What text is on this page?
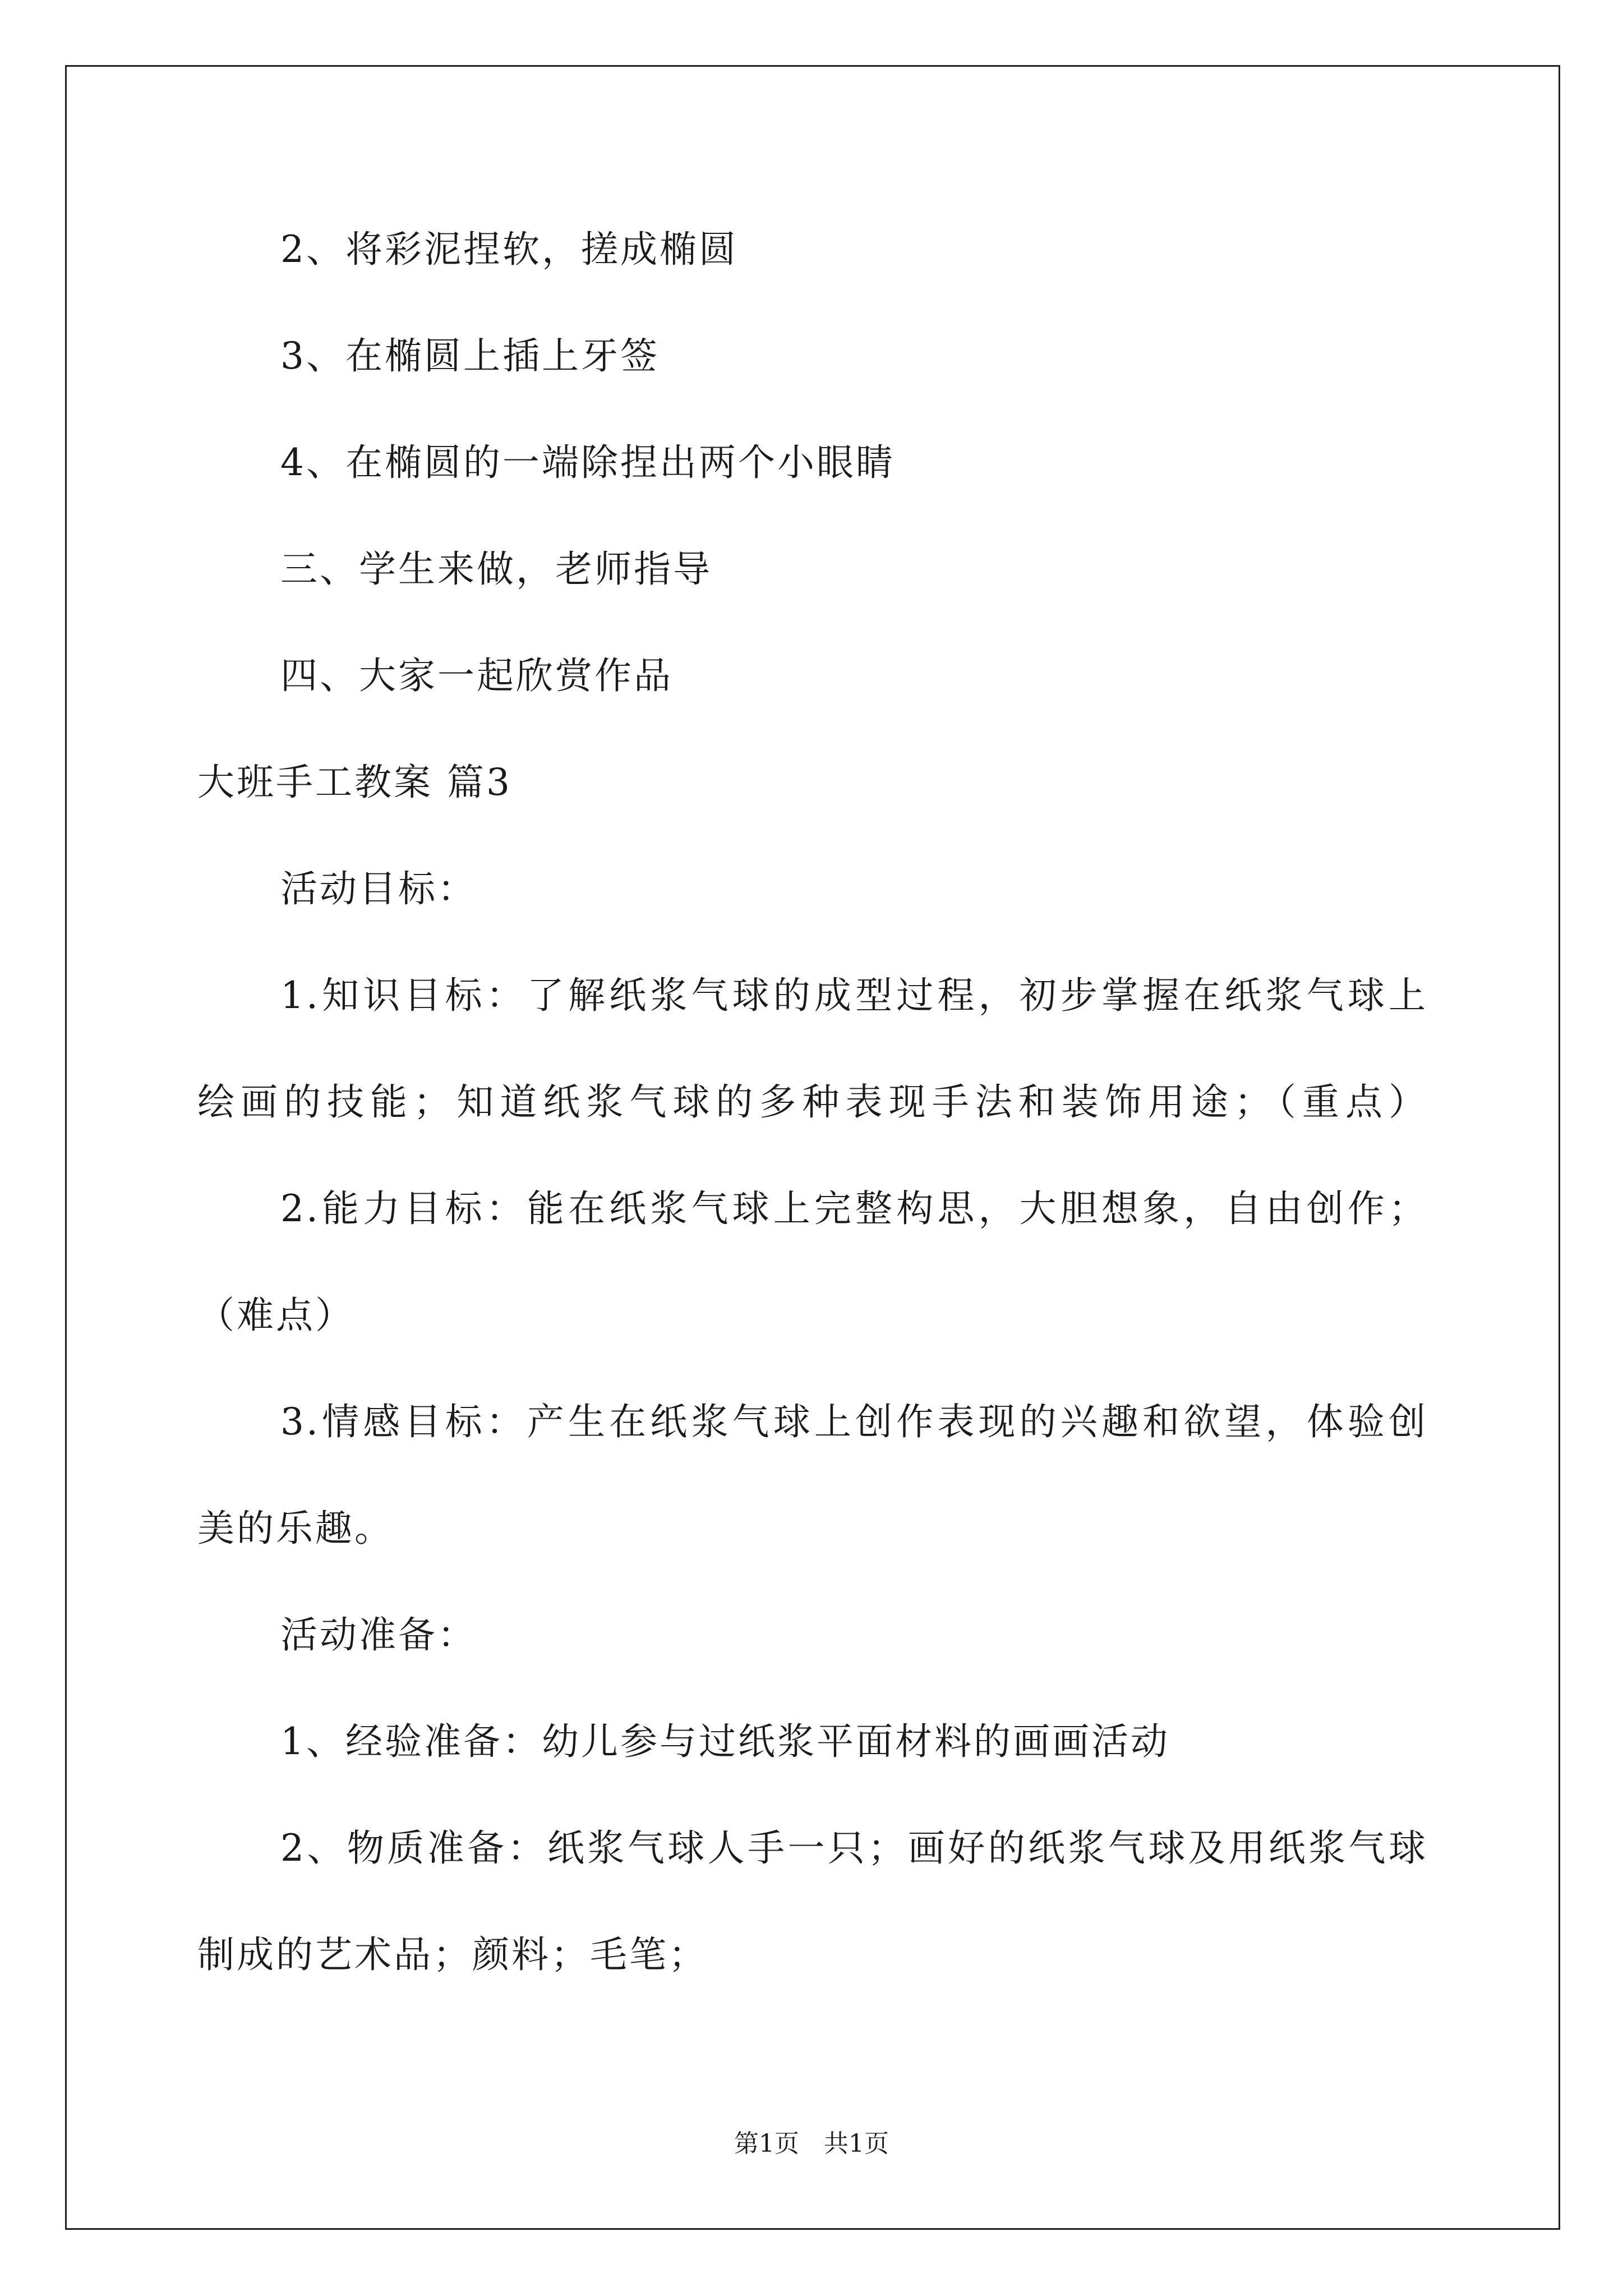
2、将彩泥捏软，搓成椭圆
3、在椭圆上插上牙签
4、在椭圆的一端除捏出两个小眼睛
三、学生来做，老师指导
四、大家一起欣赏作品
大班手工教案 篇3
活动目标：
1.知识目标：了解纸浆气球的成型过程，初步掌握在纸浆气球上
绘画的技能；知道纸浆气球的多种表现手法和装饰用途；（重点）
2.能力目标：能在纸浆气球上完整构思，大胆想象，自由创作；
（难点）
3.情感目标：产生在纸浆气球上创作表现的兴趣和欲望，体验创
美的乐趣。
活动准备：
1、经验准备：幼儿参与过纸浆平面材料的画画活动
2、物质准备：纸浆气球人手一只；画好的纸浆气球及用纸浆气球
制成的艺术品；颜料；毛笔；
第1页　共1页
